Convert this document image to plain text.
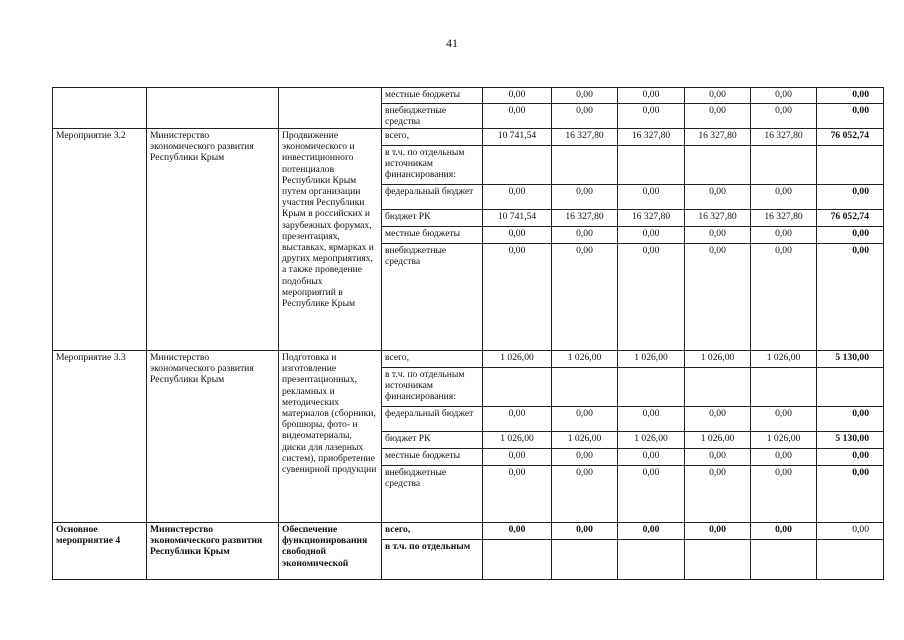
41
			местные бюджеты	0,00	0,00	0,00	0,00	0,00	0,00
			внебюджетные средства	0,00	0,00	0,00	0,00	0,00	0,00
Мероприятие 3.2	Министерство экономического развития Республики Крым	Продвижение экономического и инвестиционного потенциалов Республики Крым путем организации участия Республики Крым в российских и зарубежных форумах, презентациях, выставках, ярмарках и других мероприятиях, а также проведение подобных мероприятий в Республике Крым	всего,	10 741,54	16 327,80	16 327,80	16 327,80	16 327,80	76 052,74
			в т.ч. по отдельным источникам финансирования:						
			федеральный бюджет	0,00	0,00	0,00	0,00	0,00	0,00
			бюджет РК	10 741,54	16 327,80	16 327,80	16 327,80	16 327,80	76 052,74
			местные бюджеты	0,00	0,00	0,00	0,00	0,00	0,00
			внебюджетные средства	0,00	0,00	0,00	0,00	0,00	0,00
Мероприятие 3.3	Министерство экономического развития Республики Крым	Подготовка и изготовление презентационных, рекламных и методических материалов (сборники, брошюры, фото- и видеоматериалы, диски для лазерных систем), приобретение сувенирной продукции	всего,	1 026,00	1 026,00	1 026,00	1 026,00	1 026,00	5 130,00
			в т.ч. по отдельным источникам финансирования:						
			федеральный бюджет	0,00	0,00	0,00	0,00	0,00	0,00
			бюджет РК	1 026,00	1 026,00	1 026,00	1 026,00	1 026,00	5 130,00
			местные бюджеты	0,00	0,00	0,00	0,00	0,00	0,00
			внебюджетные средства	0,00	0,00	0,00	0,00	0,00	0,00
Основное мероприятие 4	Министерство экономического развития Республики Крым	Обеспечение функционирования свободной экономической	всего,	0,00	0,00	0,00	0,00	0,00	0,00
			в т.ч. по отдельным						
